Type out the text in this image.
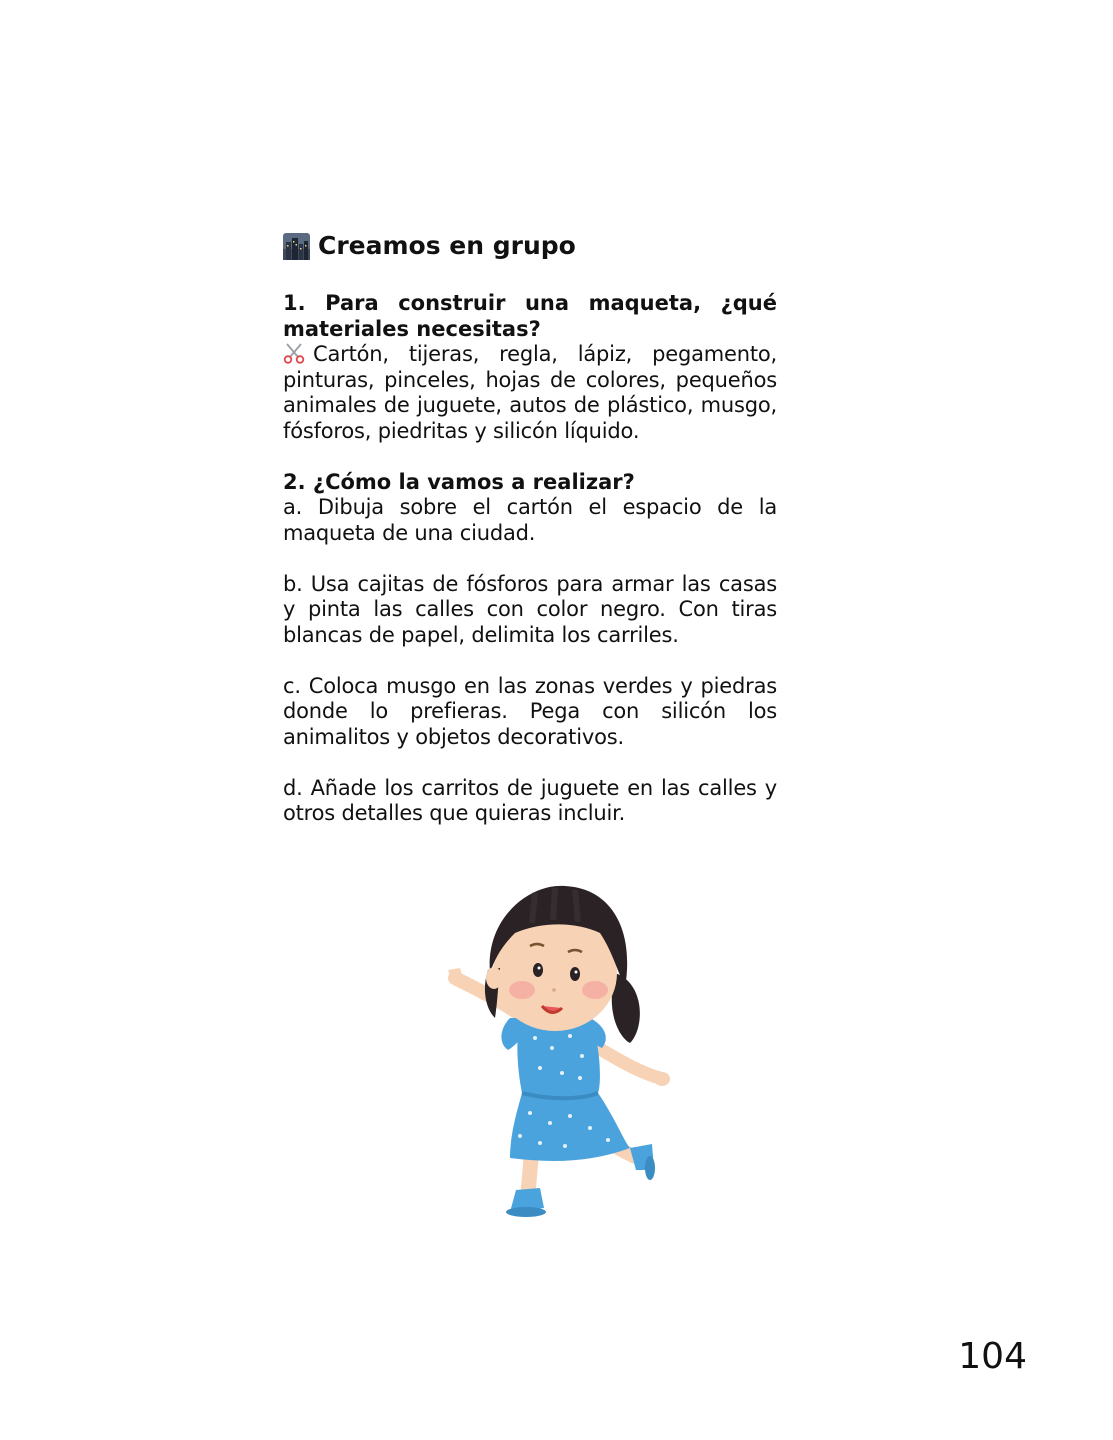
Creamos en grupo

1. Para construir una maqueta, ¿qué materiales necesitas?

Cartón, tijeras, regla, lápiz, pegamento, pinturas, pinceles, hojas de colores, pequeños animales de juguete, autos de plástico, musgo, fósforos, piedritas y silicón líquido.

2. ¿Cómo la vamos a realizar?

a. Dibuja sobre el cartón el espacio de la maqueta de una ciudad.

b. Usa cajitas de fósforos para armar las casas y pinta las calles con color negro. Con tiras blancas de papel, delimita los carriles.

c. Coloca musgo en las zonas verdes y piedras donde lo prefieras. Pega con silicón los animalitos y objetos decorativos.

d. Añade los carritos de juguete en las calles y otros detalles que quieras incluir.

104
